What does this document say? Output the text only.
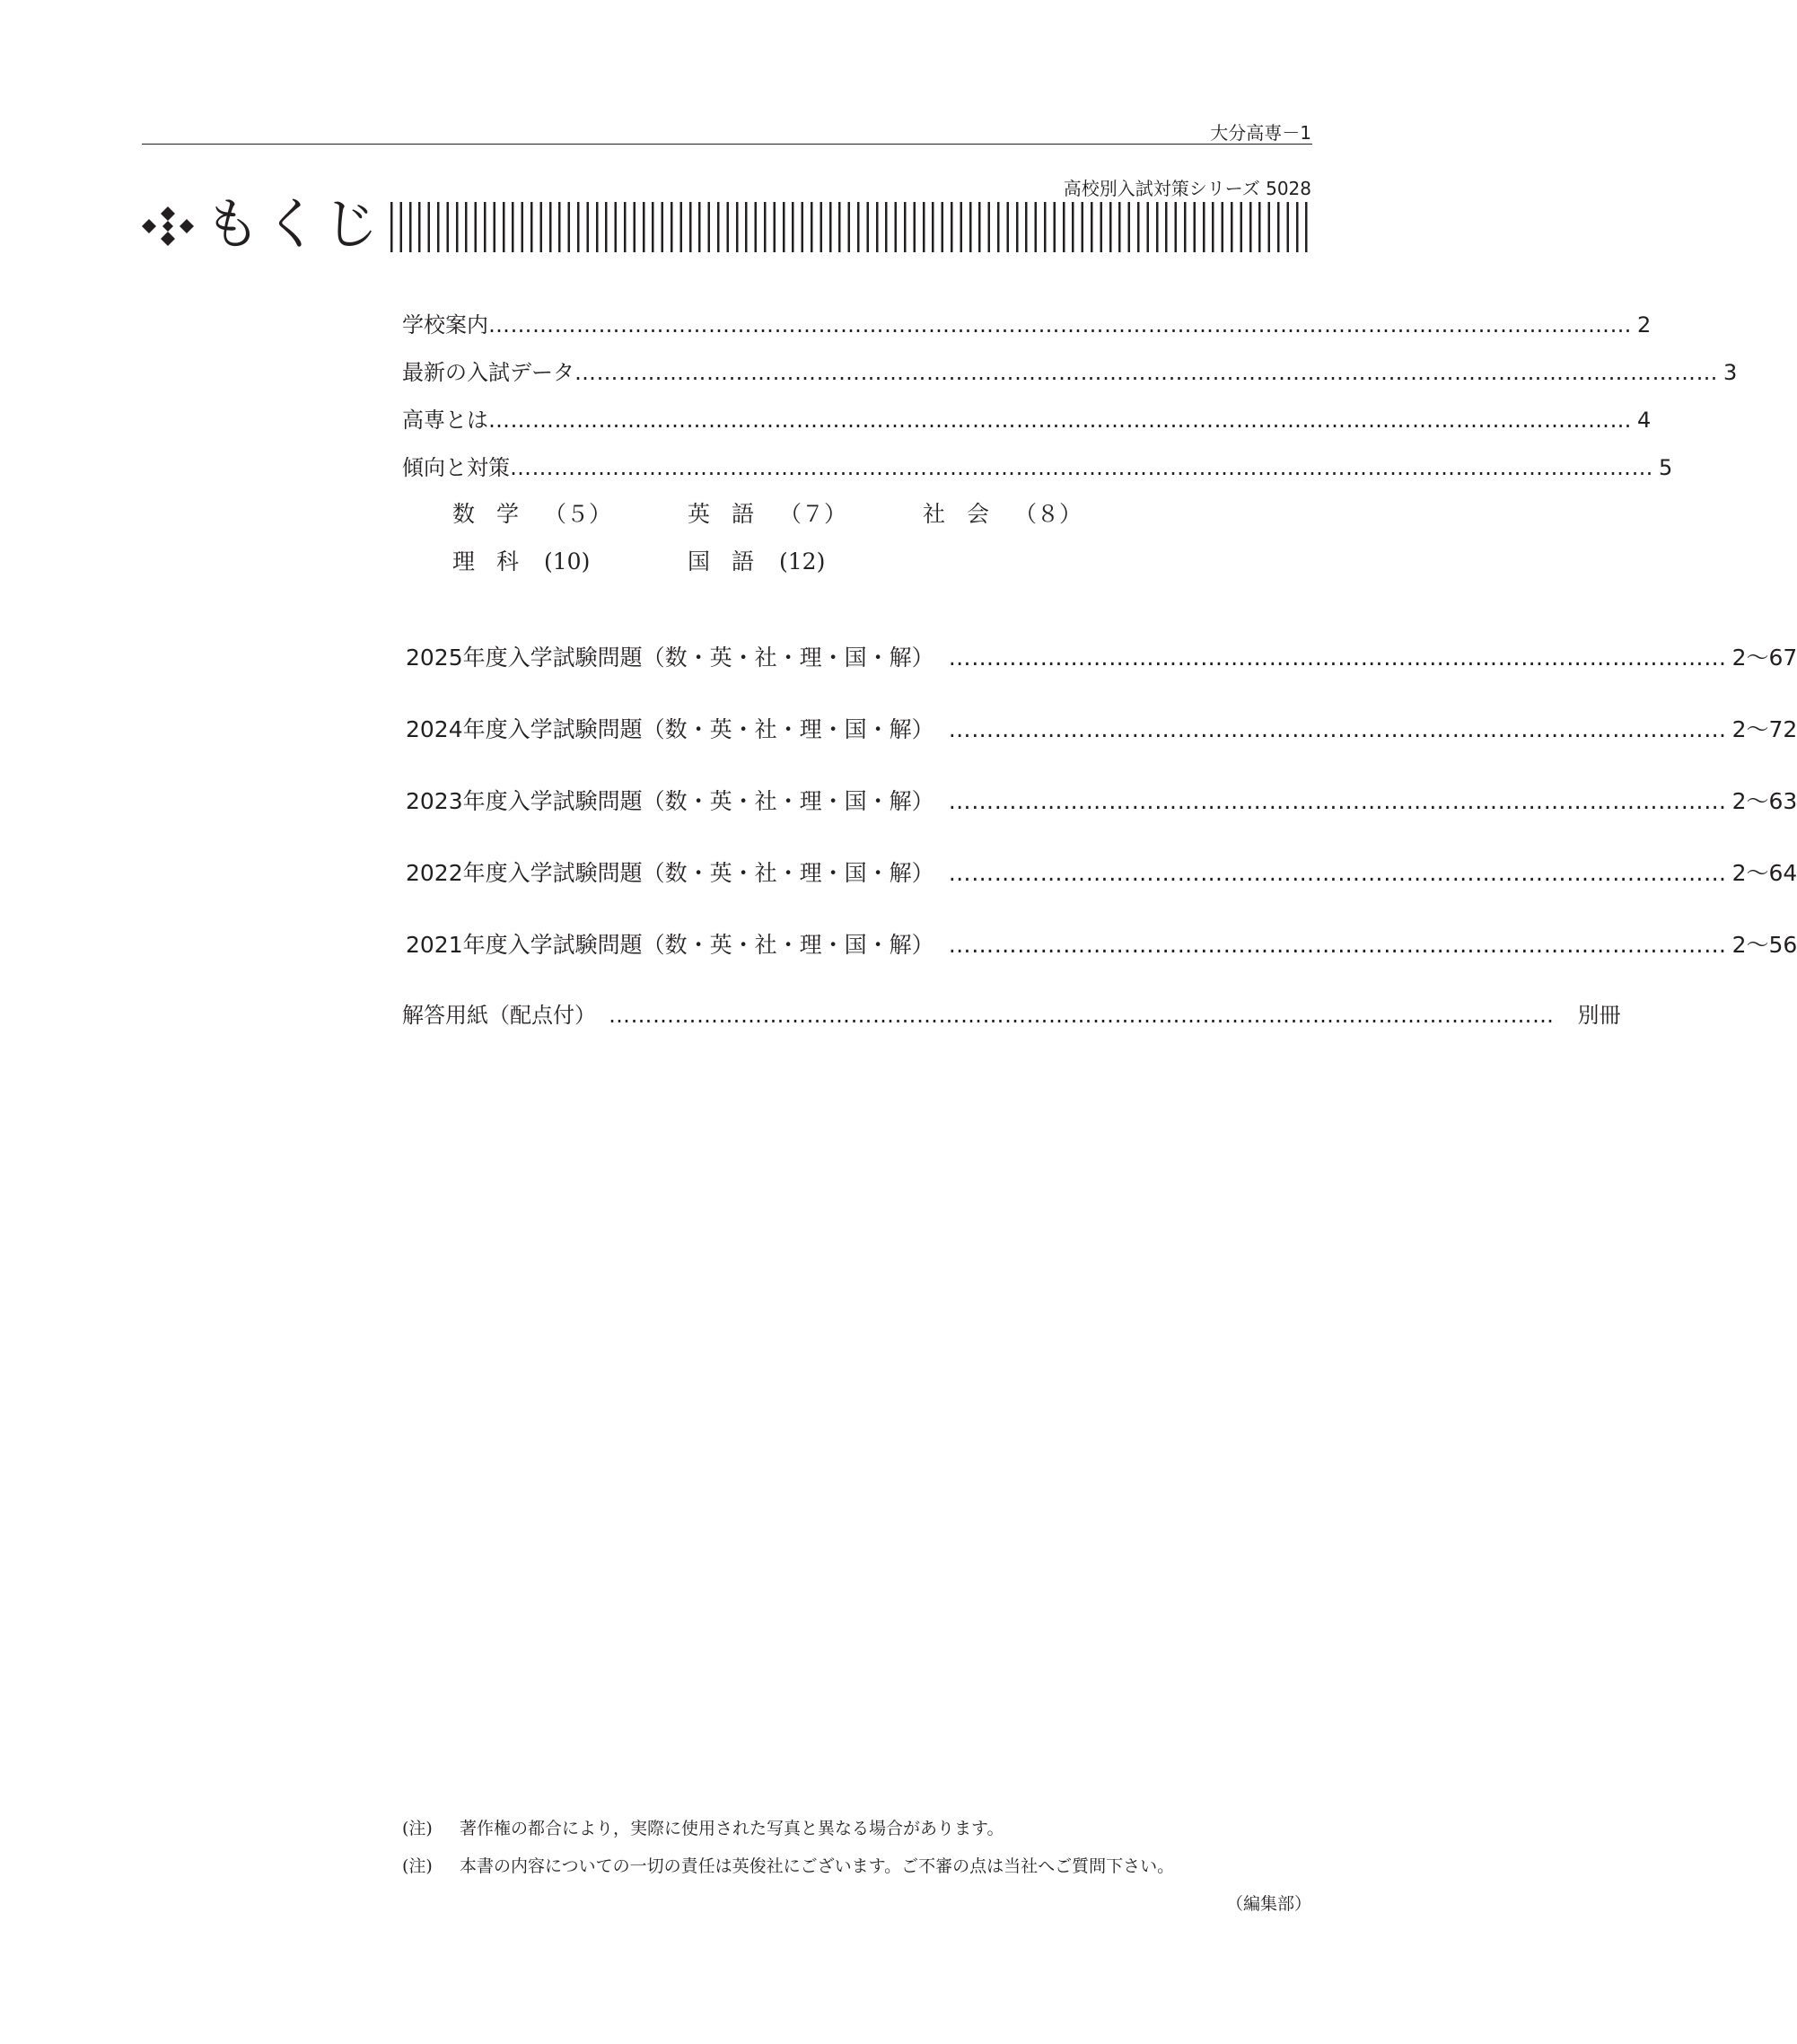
大分高専－1
高校別入試対策シリーズ 5028
もくじ
学校案内 ………………………………………………………………………………………………………………………………………… 2
最新の入試データ ………………………………………………………………………………………………………………………………………… 3
高専とは ………………………………………………………………………………………………………………………………………… 4
傾向と対策 ………………………………………………………………………………………………………………………………………… 5
数学 （５）	英語 （７）	社会 （８）
理科 (10)	国語 (12)
2025年度入学試験問題（数・英・社・理・国・解） ………………………………………………………………………………………… 2～67
2024年度入学試験問題（数・英・社・理・国・解） ………………………………………………………………………………………… 2～72
2023年度入学試験問題（数・英・社・理・国・解） ………………………………………………………………………………………… 2～63
2022年度入学試験問題（数・英・社・理・国・解） ………………………………………………………………………………………… 2～64
2021年度入学試験問題（数・英・社・理・国・解） ………………………………………………………………………………………… 2～56
解答用紙（配点付） ………………………………………………………………………………………………………………… 別冊
(注) 著作権の都合により，実際に使用された写真と異なる場合があります。
(注) 本書の内容についての一切の責任は英俊社にございます。ご不審の点は当社へご質問下さい。
（編集部）
